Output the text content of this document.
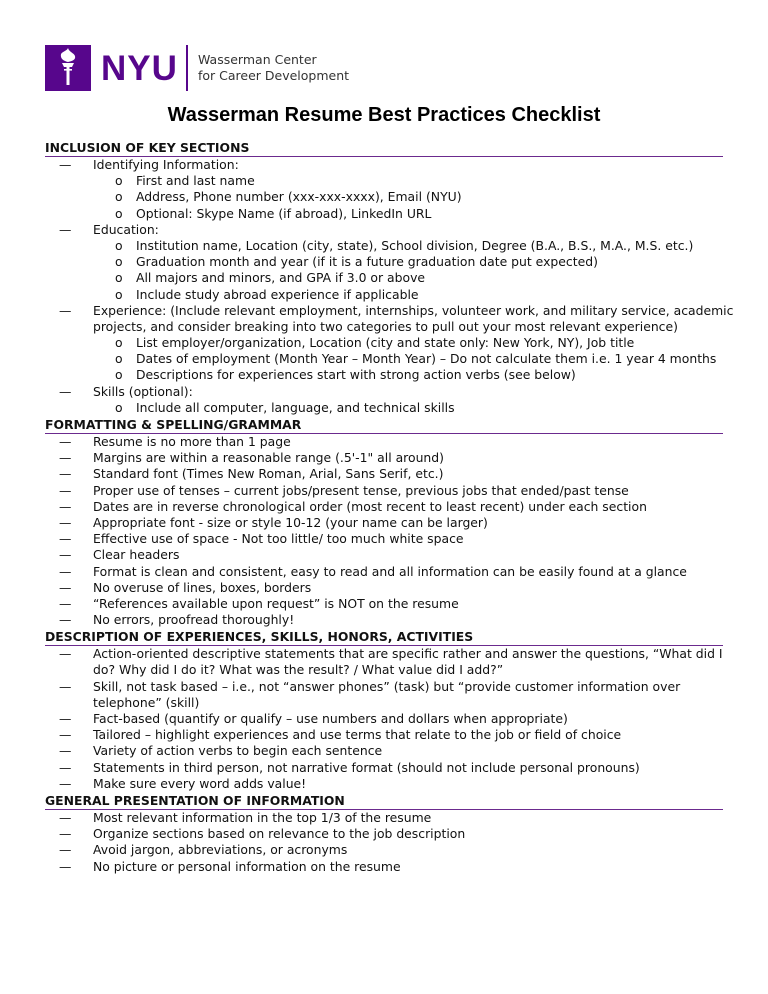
NYU Wasserman Center
for Career Development
Wasserman Resume Best Practices Checklist
INCLUSION OF KEY SECTIONS
— Identifying Information:
o First and last name
o Address, Phone number (xxx-xxx-xxxx), Email (NYU)
o Optional: Skype Name (if abroad), LinkedIn URL
— Education:
o Institution name, Location (city, state), School division, Degree (B.A., B.S., M.A., M.S. etc.)
o Graduation month and year (if it is a future graduation date put expected)
o All majors and minors, and GPA if 3.0 or above
o Include study abroad experience if applicable
— Experience: (Include relevant employment, internships, volunteer work, and military service, academic
projects, and consider breaking into two categories to pull out your most relevant experience)
o List employer/organization, Location (city and state only: New York, NY), Job title
o Dates of employment (Month Year – Month Year) – Do not calculate them i.e. 1 year 4 months
o Descriptions for experiences start with strong action verbs (see below)
— Skills (optional):
o Include all computer, language, and technical skills
FORMATTING & SPELLING/GRAMMAR
— Resume is no more than 1 page
— Margins are within a reasonable range (.5'-1" all around)
— Standard font (Times New Roman, Arial, Sans Serif, etc.)
— Proper use of tenses – current jobs/present tense, previous jobs that ended/past tense
— Dates are in reverse chronological order (most recent to least recent) under each section
— Appropriate font - size or style 10-12 (your name can be larger)
— Effective use of space - Not too little/ too much white space
— Clear headers
— Format is clean and consistent, easy to read and all information can be easily found at a glance
— No overuse of lines, boxes, borders
— “References available upon request” is NOT on the resume
— No errors, proofread thoroughly!
DESCRIPTION OF EXPERIENCES, SKILLS, HONORS, ACTIVITIES
— Action-oriented descriptive statements that are specific rather and answer the questions, “What did I
do? Why did I do it? What was the result? / What value did I add?”
— Skill, not task based – i.e., not “answer phones” (task) but “provide customer information over
telephone” (skill)
— Fact-based (quantify or qualify – use numbers and dollars when appropriate)
— Tailored – highlight experiences and use terms that relate to the job or field of choice
— Variety of action verbs to begin each sentence
— Statements in third person, not narrative format (should not include personal pronouns)
— Make sure every word adds value!
GENERAL PRESENTATION OF INFORMATION
— Most relevant information in the top 1/3 of the resume
— Organize sections based on relevance to the job description
— Avoid jargon, abbreviations, or acronyms
— No picture or personal information on the resume
